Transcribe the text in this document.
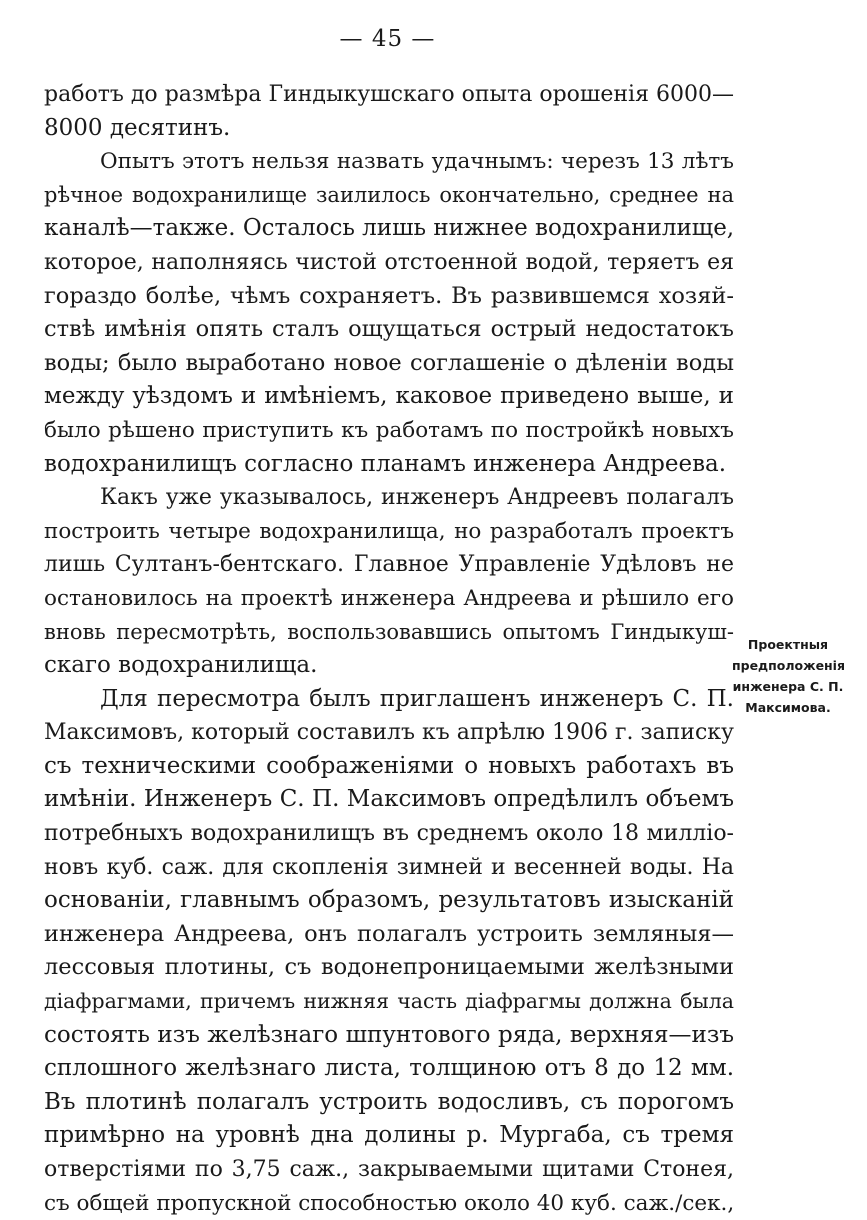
— 45 —
работъ до размѣра Гиндыкушскаго опыта орошенія 6000—
8000 десятинъ.
Опытъ этотъ нельзя назвать удачнымъ: черезъ 13 лѣтъ
рѣчное водохранилище заилилось окончательно, среднее на
каналѣ—также. Осталось лишь нижнее водохранилище,
которое, наполняясь чистой отстоенной водой, теряетъ ея
гораздо болѣе, чѣмъ сохраняетъ. Въ развившемся хозяй-
ствѣ имѣнія опять сталъ ощущаться острый недостатокъ
воды; было выработано новое соглашеніе о дѣленіи воды
между уѣздомъ и имѣніемъ, каковое приведено выше, и
было рѣшено приступить къ работамъ по постройкѣ новыхъ
водохранилищъ согласно планамъ инженера Андреева.
Какъ уже указывалось, инженеръ Андреевъ полагалъ
построить четыре водохранилища, но разработалъ проектъ
лишь Султанъ-бентскаго. Главное Управленіе Удѣловъ не
остановилось на проектѣ инженера Андреева и рѣшило его
вновь пересмотрѣть, воспользовавшись опытомъ Гиндыкуш-
скаго водохранилища.
Для пересмотра былъ приглашенъ инженеръ С. П.
Максимовъ, который составилъ къ апрѣлю 1906 г. записку
съ техническими соображеніями о новыхъ работахъ въ
имѣніи. Инженеръ С. П. Максимовъ опредѣлилъ объемъ
потребныхъ водохранилищъ въ среднемъ около 18 милліо-
новъ куб. саж. для скопленія зимней и весенней воды. На
основаніи, главнымъ образомъ, результатовъ изысканій
инженера Андреева, онъ полагалъ устроить земляныя—
лессовыя плотины, съ водонепроницаемыми желѣзными
діафрагмами, причемъ нижняя часть діафрагмы должна была
состоять изъ желѣзнаго шпунтового ряда, верхняя—изъ
сплошного желѣзнаго листа, толщиною отъ 8 до 12 мм.
Въ плотинѣ полагалъ устроить водосливъ, съ порогомъ
примѣрно на уровнѣ дна долины р. Мургаба, съ тремя
отверстіями по 3,75 саж., закрываемыми щитами Стонея,
съ общей пропускной способностью около 40 куб. саж./сек.,
Проектныя
предположенія
инженера С. П.
Максимова.
